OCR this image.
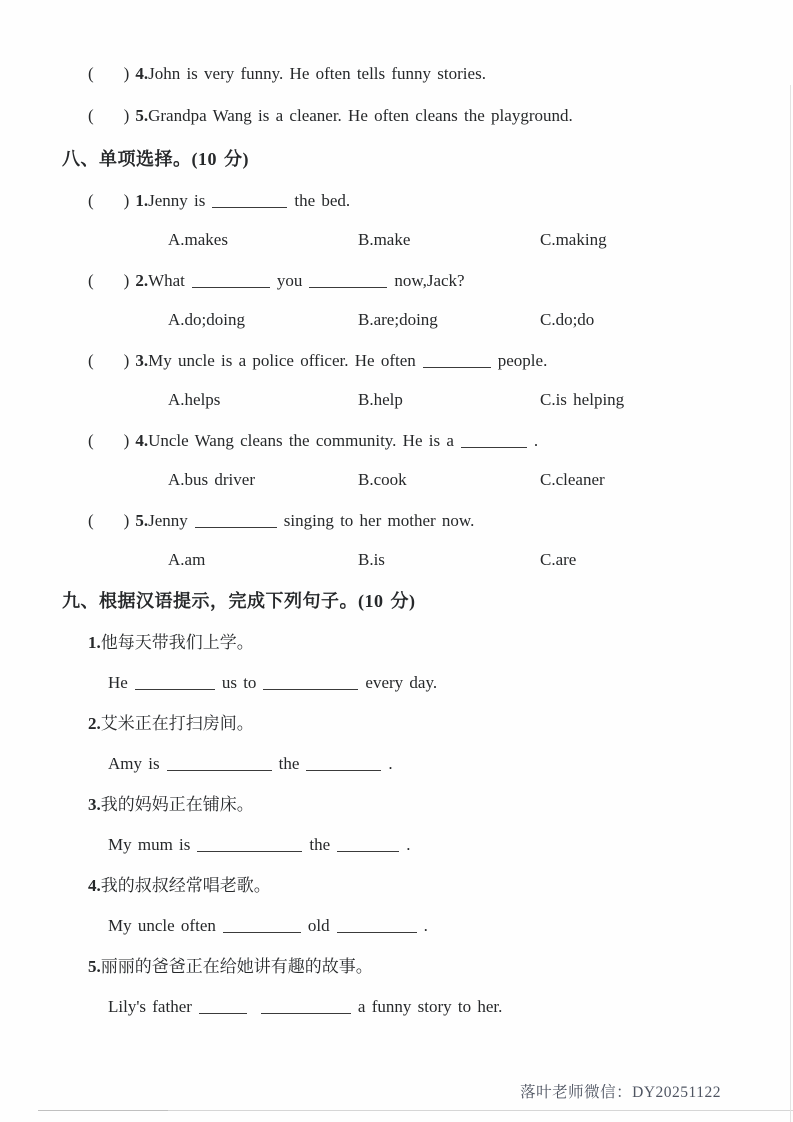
( ) 4.John is very funny. He often tells funny stories.
( ) 5.Grandpa Wang is a cleaner. He often cleans the playground.
八、单项选择。(10 分)
( ) 1.Jenny is	the bed.
A.makes	B.make	C.making
( ) 2.What	you	now,Jack?
A.do;doing	B.are;doing	C.do;do
( ) 3.My uncle is a police officer. He often	people.
A.helps	B.help	C.is helping
( ) 4.Uncle Wang cleans the community. He is a	.
A.bus driver	B.cook	C.cleaner
( ) 5.Jenny	singing to her mother now.
A.am	B.is	C.are
九、根据汉语提示，完成下列句子。(10 分)
1.他每天带我们上学。
He	us to	every day.
2.艾米正在打扫房间。
Amy is	the	.
3.我的妈妈正在铺床。
My mum is	the	.
4.我的叔叔经常唱老歌。
My uncle often	old	.
5.丽丽的爸爸正在给她讲有趣的故事。
Lily's father	a funny story to her.
落叶老师微信：DY20251122
